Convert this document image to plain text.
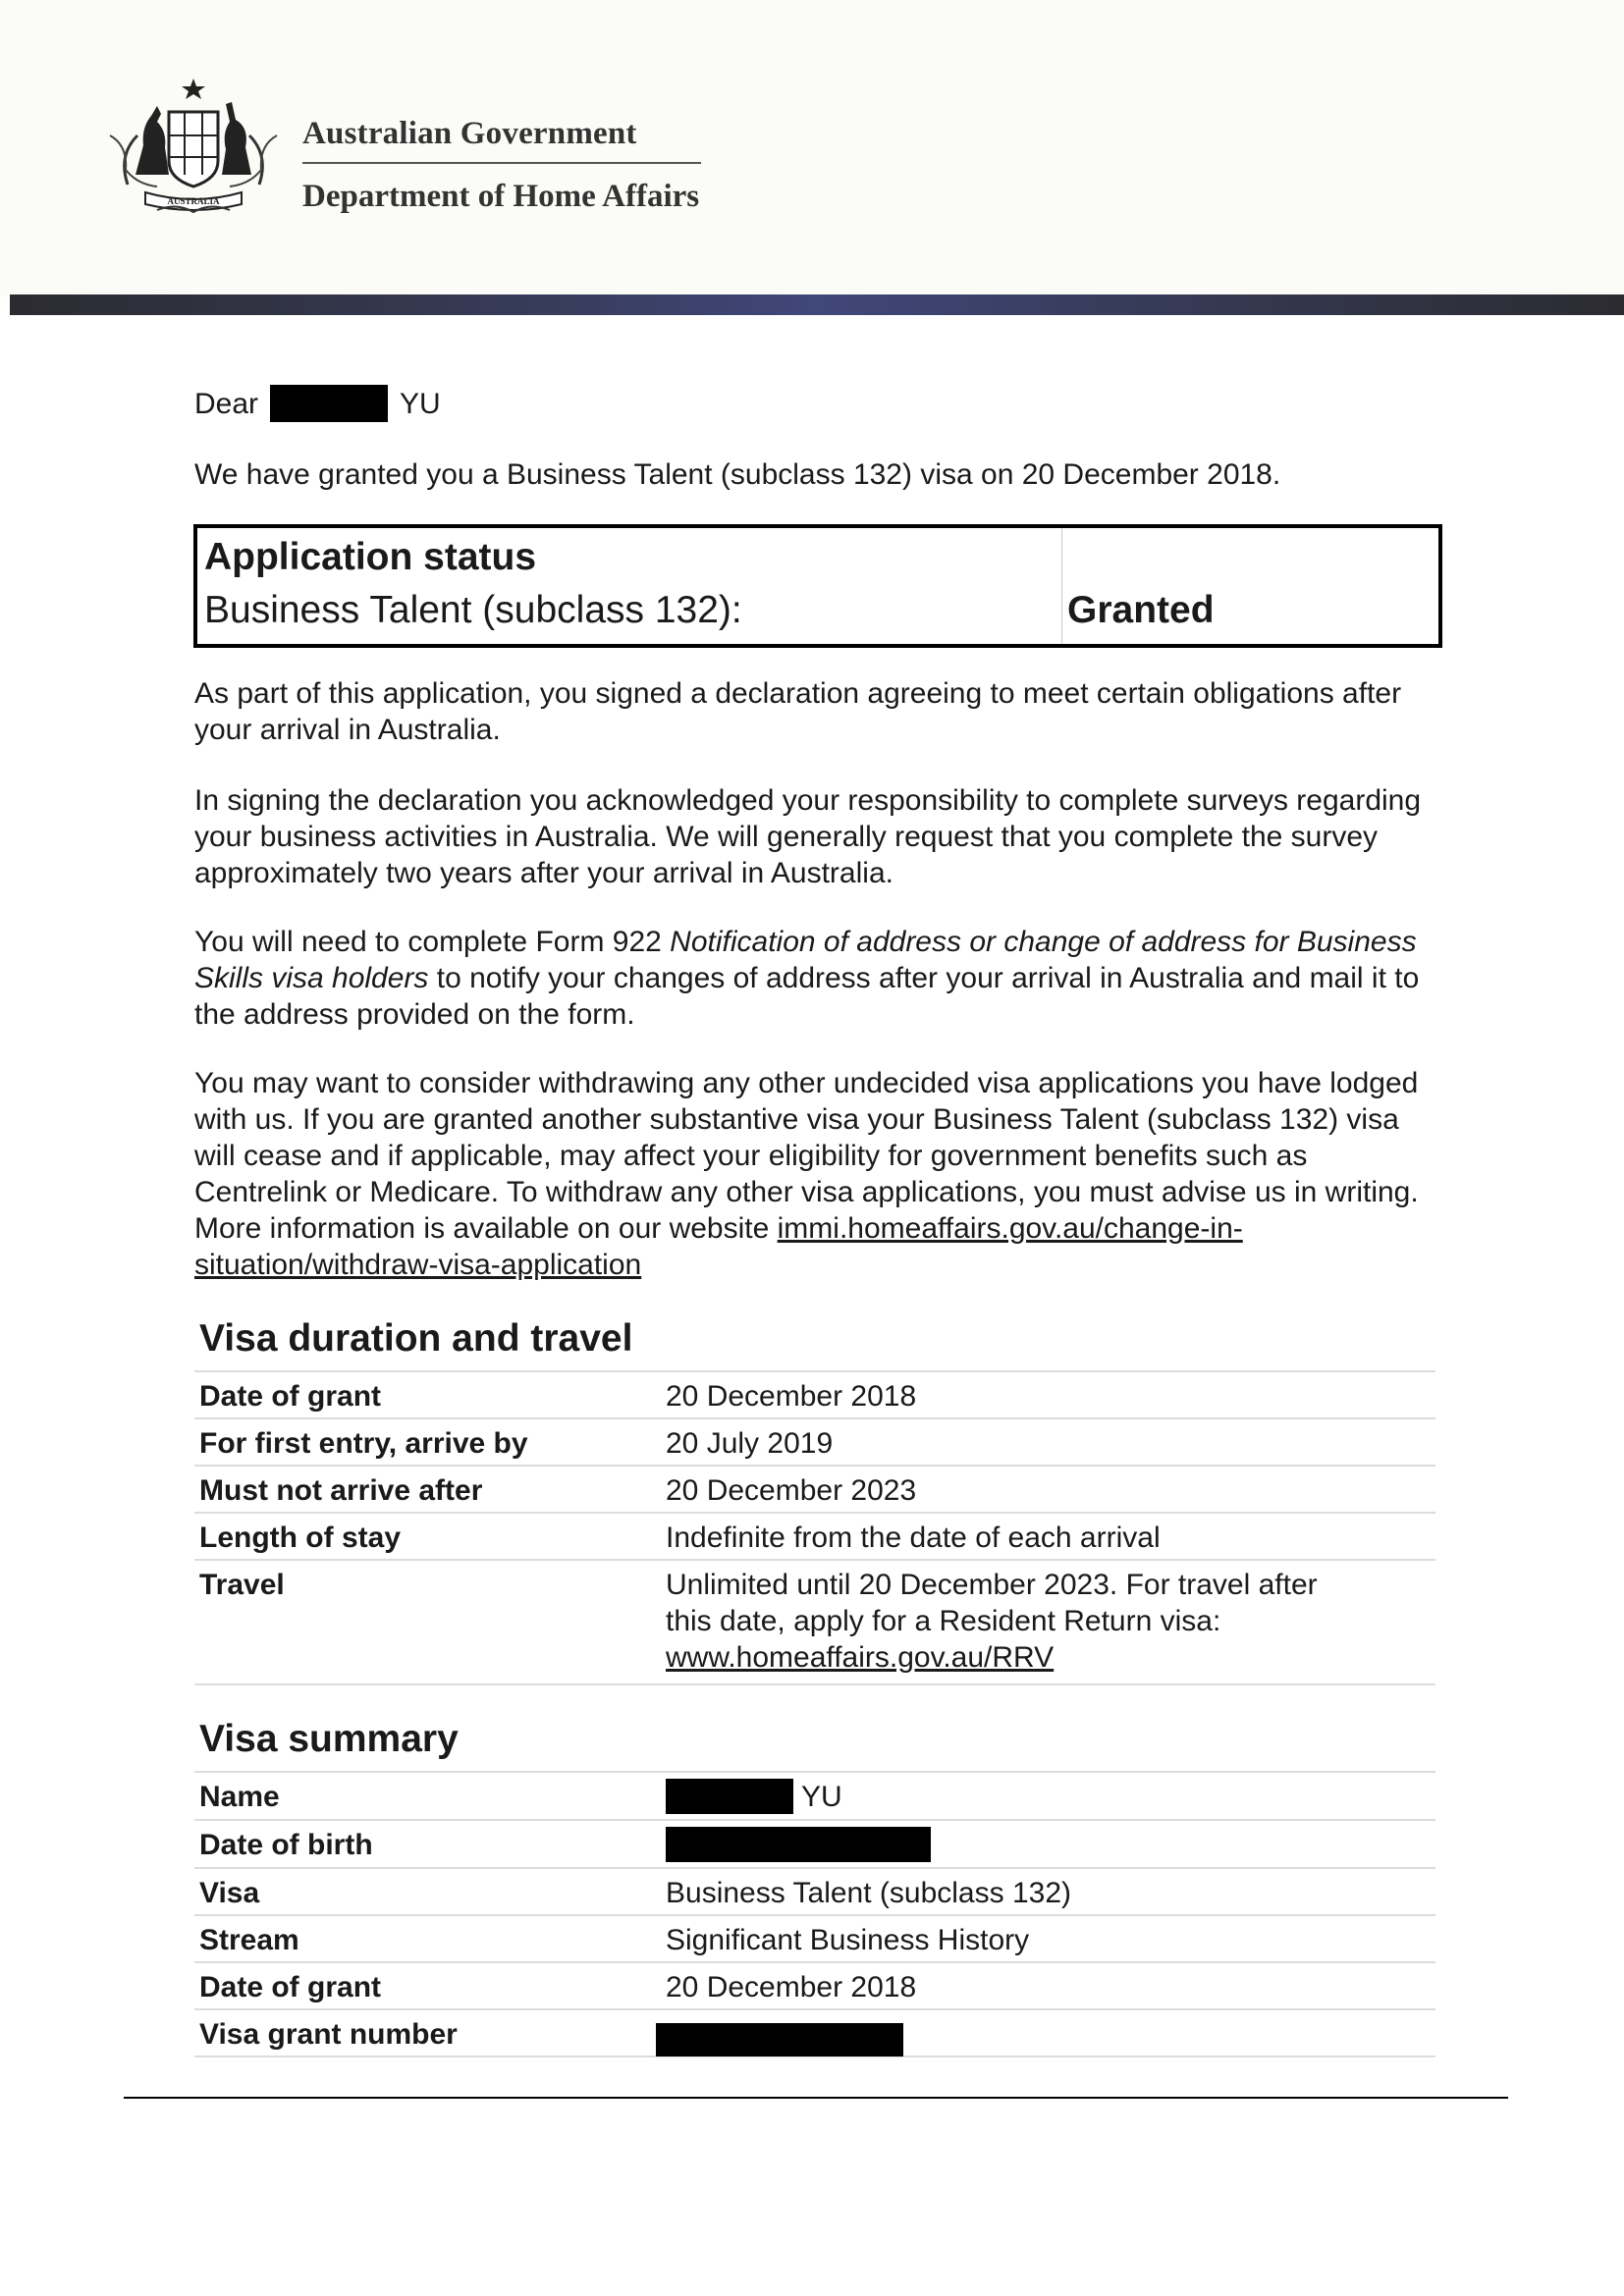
AUSTRALIA
Australian Government
Department of Home Affairs
Dear	YU
We have granted you a Business Talent (subclass 132) visa on 20 December 2018.
Application status
Business Talent (subclass 132):	Granted

As part of this application, you signed a declaration agreeing to meet certain obligations after your arrival in Australia.

In signing the declaration you acknowledged your responsibility to complete surveys regarding your business activities in Australia. We will generally request that you complete the survey approximately two years after your arrival in Australia.

You will need to complete Form 922 Notification of address or change of address for Business Skills visa holders to notify your changes of address after your arrival in Australia and mail it to the address provided on the form.

You may want to consider withdrawing any other undecided visa applications you have lodged with us. If you are granted another substantive visa your Business Talent (subclass 132) visa will cease and if applicable, may affect your eligibility for government benefits such as Centrelink or Medicare. To withdraw any other visa applications, you must advise us in writing. More information is available on our website immi.homeaffairs.gov.au/change-in-situation/withdraw-visa-application

Visa duration and travel
Date of grant	20 December 2018
For first entry, arrive by	20 July 2019
Must not arrive after	20 December 2023
Length of stay	Indefinite from the date of each arrival
Travel	Unlimited until 20 December 2023. For travel after this date, apply for a Resident Return visa:
www.homeaffairs.gov.au/RRV
Visa summary
Name	YU
Date of birth	
Visa	Business Talent (subclass 132)
Stream	Significant Business History
Date of grant	20 December 2018
Visa grant number	
